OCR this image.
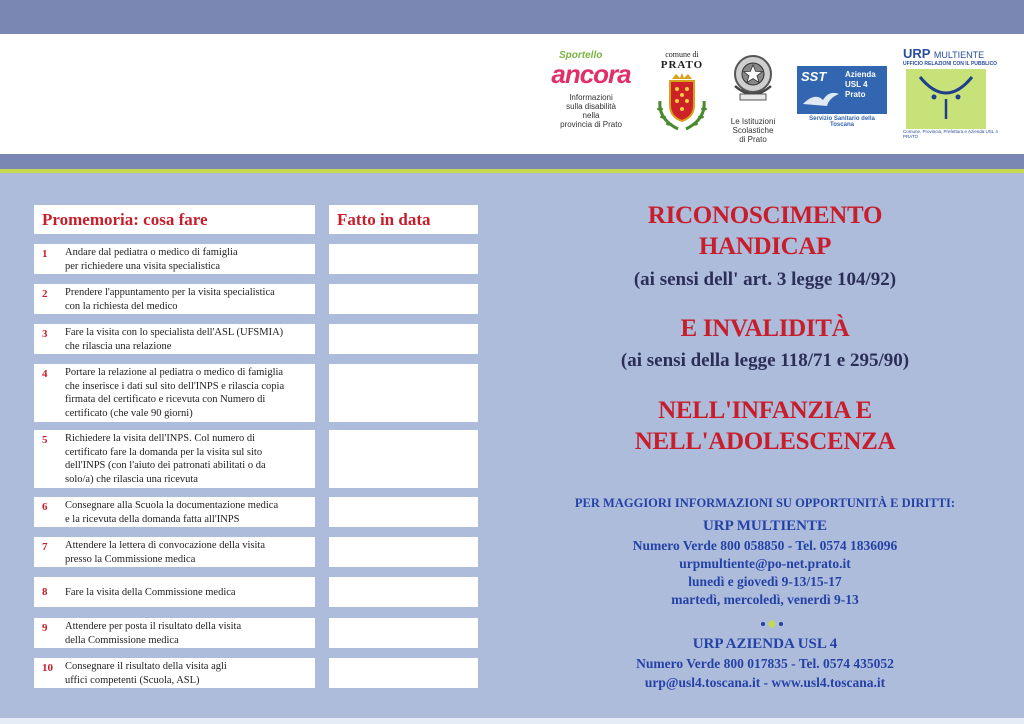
Sportello
ancora
Informazioni
sulla disabilità
nella
provincia di Prato
comune di
PRATO
Le Istituzioni
Scolastiche
di Prato
SST Azienda
USL 4
Prato
Servizio Sanitario della Toscana
URP MULTIENTE
UFFICIO RELAZIONI CON IL PUBBLICO
Comune, Provincia, Prefettura e Azienda USL 4
PRATO
Promemoria: cosa fare	Fatto in data
1 Andare dal pediatra o medico di famiglia
per richiedere una visita specialistica
2 Prendere l'appuntamento per la visita specialistica
con la richiesta del medico
3 Fare la visita con lo specialista dell'ASL (UFSMIA)
che rilascia una relazione
4 Portare la relazione al pediatra o medico di famiglia
che inserisce i dati sul sito dell'INPS e rilascia copia
firmata del certificato e ricevuta con Numero di
certificato (che vale 90 giorni)
5 Richiedere la visita dell'INPS. Col numero di
certificato fare la domanda per la visita sul sito
dell'INPS (con l'aiuto dei patronati abilitati o da
solo/a) che rilascia una ricevuta
6 Consegnare alla Scuola la documentazione medica
e la ricevuta della domanda fatta all'INPS
7 Attendere la lettera di convocazione della visita
presso la Commissione medica
8 Fare la visita della Commissione medica
9 Attendere per posta il risultato della visita
della Commissione medica
10 Consegnare il risultato della visita agli
uffici competenti (Scuola, ASL)
RICONOSCIMENTO
HANDICAP
(ai sensi dell' art. 3 legge 104/92)
E INVALIDITÀ
(ai sensi della legge 118/71 e 295/90)
NELL'INFANZIA E
NELL'ADOLESCENZA
PER MAGGIORI INFORMAZIONI SU OPPORTUNITÀ E DIRITTI:
URP MULTIENTE
Numero Verde 800 058850 - Tel. 0574 1836096
urpmultiente@po-net.prato.it
lunedì e giovedì 9-13/15-17
martedì, mercoledì, venerdì 9-13
URP AZIENDA USL 4
Numero Verde 800 017835 - Tel. 0574 435052
urp@usl4.toscana.it - www.usl4.toscana.it
